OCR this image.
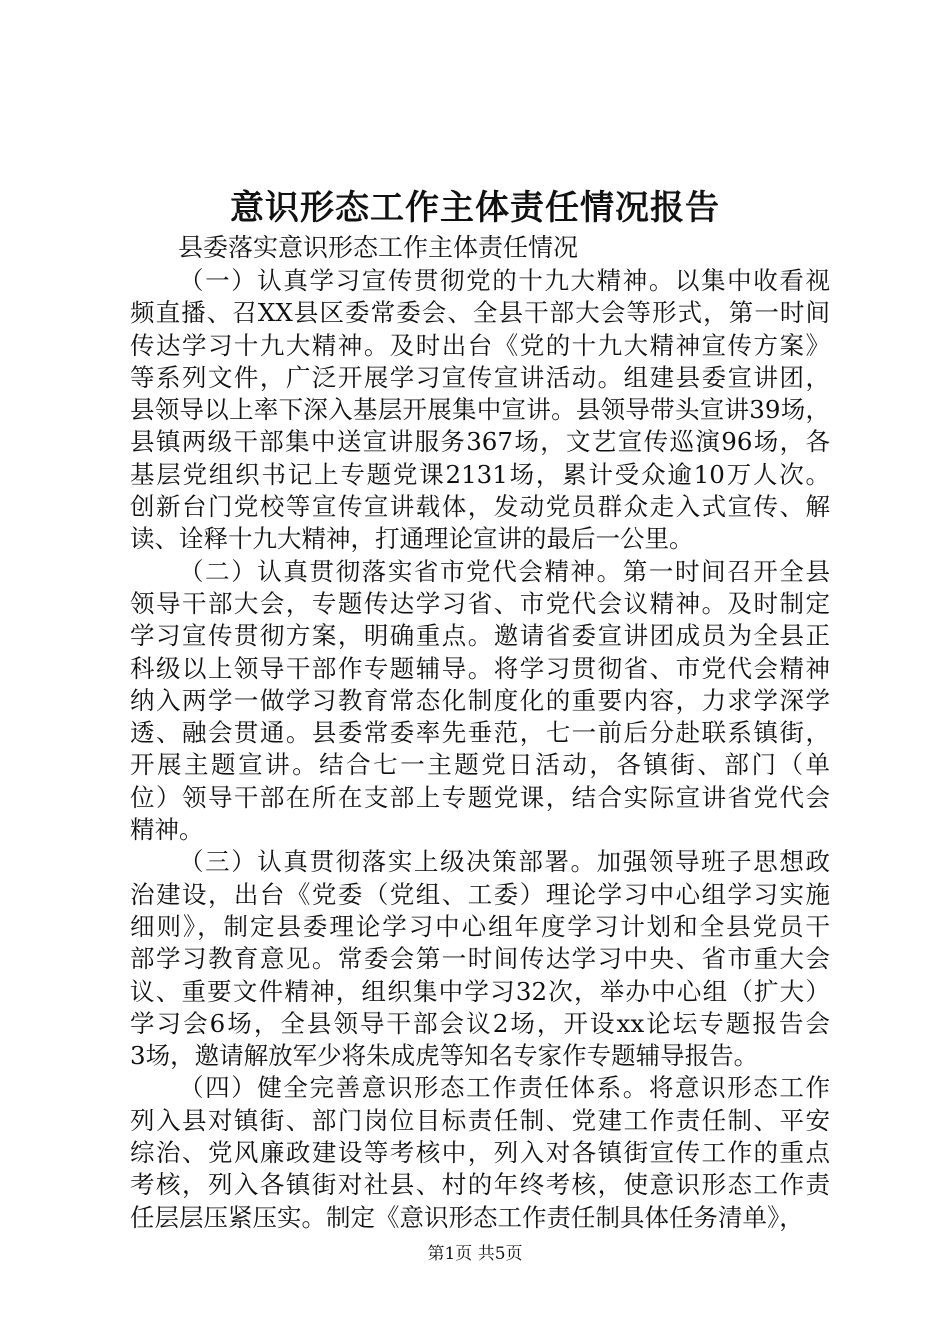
意识形态工作主体责任情况报告

县委落实意识形态工作主体责任情况

（一）认真学习宣传贯彻党的十九大精神。以集中收看视
频直播、召XX县区委常委会、全县干部大会等形式，第一时间
传达学习十九大精神。及时出台《党的十九大精神宣传方案》
等系列文件，广泛开展学习宣传宣讲活动。组建县委宣讲团，
县领导以上率下深入基层开展集中宣讲。县领导带头宣讲39场，
县镇两级干部集中送宣讲服务367场，文艺宣传巡演96场，各
基层党组织书记上专题党课2131场，累计受众逾10万人次。
创新台门党校等宣传宣讲载体，发动党员群众走入式宣传、解
读、诠释十九大精神，打通理论宣讲的最后一公里。
（二）认真贯彻落实省市党代会精神。第一时间召开全县
领导干部大会，专题传达学习省、市党代会议精神。及时制定
学习宣传贯彻方案，明确重点。邀请省委宣讲团成员为全县正
科级以上领导干部作专题辅导。将学习贯彻省、市党代会精神
纳入两学一做学习教育常态化制度化的重要内容，力求学深学
透、融会贯通。县委常委率先垂范，七一前后分赴联系镇街，
开展主题宣讲。结合七一主题党日活动，各镇街、部门（单
位）领导干部在所在支部上专题党课，结合实际宣讲省党代会
精神。
（三）认真贯彻落实上级决策部署。加强领导班子思想政
治建设，出台《党委（党组、工委）理论学习中心组学习实施
细则》，制定县委理论学习中心组年度学习计划和全县党员干
部学习教育意见。常委会第一时间传达学习中央、省市重大会
议、重要文件精神，组织集中学习32次，举办中心组（扩大）
学习会6场，全县领导干部会议2场，开设xx论坛专题报告会
3场，邀请解放军少将朱成虎等知名专家作专题辅导报告。
（四）健全完善意识形态工作责任体系。将意识形态工作
列入县对镇街、部门岗位目标责任制、党建工作责任制、平安
综治、党风廉政建设等考核中，列入对各镇街宣传工作的重点
考核，列入各镇街对社县、村的年终考核，使意识形态工作责
任层层压紧压实。制定《意识形态工作责任制具体任务清单》，

第1页 共5页
